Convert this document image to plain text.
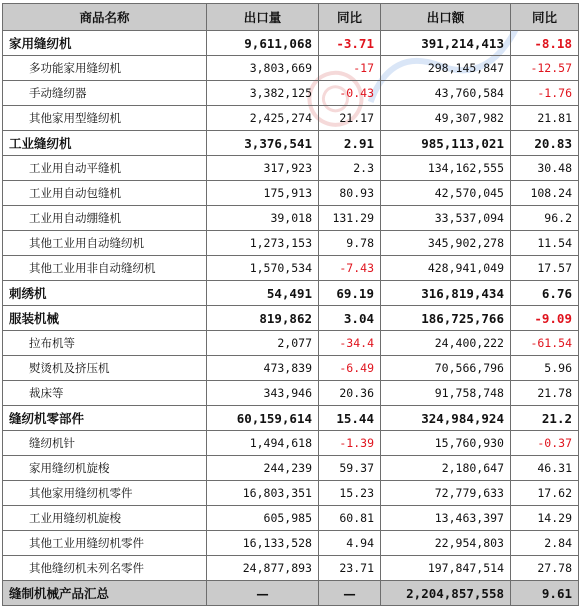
商品名称	出口量	同比	出口额	同比
家用缝纫机	9,611,068	-3.71	391,214,413	-8.18
多功能家用缝纫机	3,803,669	-17	298,145,847	-12.57
手动缝纫器	3,382,125	-0.43	43,760,584	-1.76
其他家用型缝纫机	2,425,274	21.17	49,307,982	21.81
工业缝纫机	3,376,541	2.91	985,113,021	20.83
工业用自动平缝机	317,923	2.3	134,162,555	30.48
工业用自动包缝机	175,913	80.93	42,570,045	108.24
工业用自动绷缝机	39,018	131.29	33,537,094	96.2
其他工业用自动缝纫机	1,273,153	9.78	345,902,278	11.54
其他工业用非自动缝纫机	1,570,534	-7.43	428,941,049	17.57
刺绣机	54,491	69.19	316,819,434	6.76
服装机械	819,862	3.04	186,725,766	-9.09
拉布机等	2,077	-34.4	24,400,222	-61.54
熨烫机及挤压机	473,839	-6.49	70,566,796	5.96
裁床等	343,946	20.36	91,758,748	21.78
缝纫机零部件	60,159,614	15.44	324,984,924	21.2
缝纫机针	1,494,618	-1.39	15,760,930	-0.37
家用缝纫机旋梭	244,239	59.37	2,180,647	46.31
其他家用缝纫机零件	16,803,351	15.23	72,779,633	17.62
工业用缝纫机旋梭	605,985	60.81	13,463,397	14.29
其他工业用缝纫机零件	16,133,528	4.94	22,954,803	2.84
其他缝纫机未列名零件	24,877,893	23.71	197,847,514	27.78
缝制机械产品汇总	—	—	2,204,857,558	9.61
